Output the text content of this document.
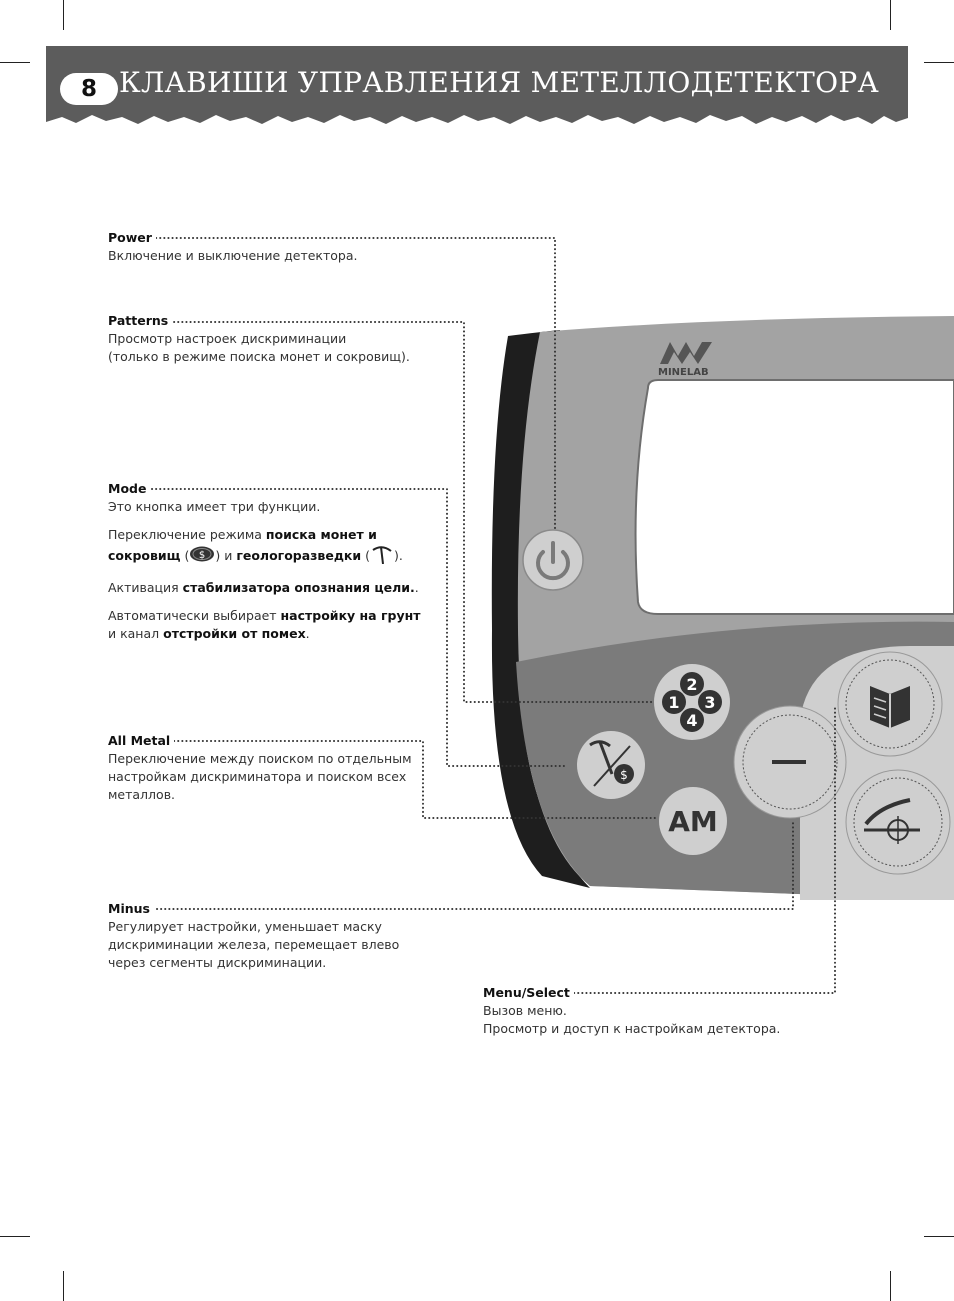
8 КЛАВИШИ УПРАВЛЕНИЯ МЕТЕЛЛОДЕТЕКТОРА
MINELAB
2
1 3
4
$
AM
Power
Включение и выключение детектора.
Patterns
Просмотр настроек дискриминации
(только в режиме поиска монет и сокровищ).
Mode

Это кнопка имеет три функции.

Переключение режима поиска монет и сокровищ ( $ ) и геологоразведки ( ).

Активация стабилизатора опознания цели..

Автоматически выбирает настройку на грунт и канал отстройки от помех.

All Metal
Переключение между поиском по отдельным настройкам дискриминатора и поиском всех металлов.
Minus
Регулирует настройки, уменьшает маску дискриминации железа, перемещает влево через сегменты дискриминации.
Menu/Select
Вызов меню.
Просмотр и доступ к настройкам детектора.
